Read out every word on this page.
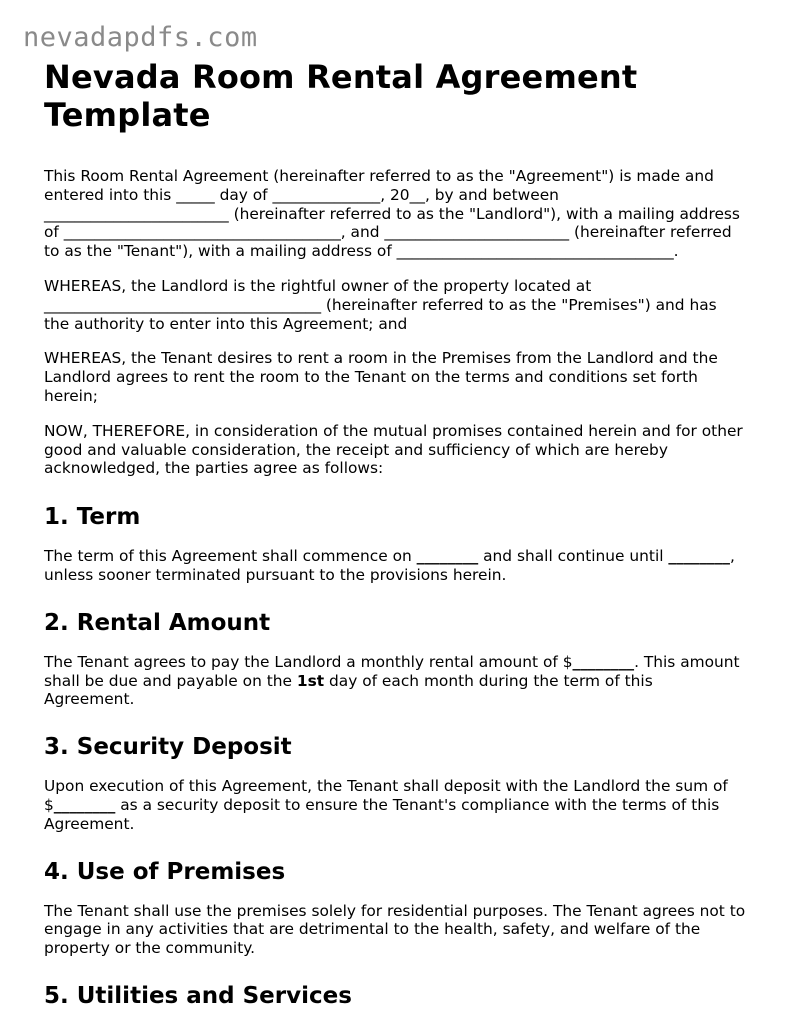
nevadapdfs.com
Nevada Room Rental Agreement Template

This Room Rental Agreement (hereinafter referred to as the "Agreement") is made and
entered into this _____ day of ______________, 20__, by and between
________________________ (hereinafter referred to as the "Landlord"), with a mailing address
of ____________________________________, and ________________________ (hereinafter referred
to as the "Tenant"), with a mailing address of ____________________________________.

WHEREAS, the Landlord is the rightful owner of the property located at
____________________________________ (hereinafter referred to as the "Premises") and has
the authority to enter into this Agreement; and

WHEREAS, the Tenant desires to rent a room in the Premises from the Landlord and the
Landlord agrees to rent the room to the Tenant on the terms and conditions set forth
herein;

NOW, THEREFORE, in consideration of the mutual promises contained herein and for other
good and valuable consideration, the receipt and sufficiency of which are hereby
acknowledged, the parties agree as follows:

1. Term

The term of this Agreement shall commence on ________ and shall continue until ________,
unless sooner terminated pursuant to the provisions herein.

2. Rental Amount

The Tenant agrees to pay the Landlord a monthly rental amount of $________. This amount
shall be due and payable on the 1st day of each month during the term of this
Agreement.

3. Security Deposit

Upon execution of this Agreement, the Tenant shall deposit with the Landlord the sum of
$________ as a security deposit to ensure the Tenant's compliance with the terms of this
Agreement.

4. Use of Premises

The Tenant shall use the premises solely for residential purposes. The Tenant agrees not to
engage in any activities that are detrimental to the health, safety, and welfare of the
property or the community.

5. Utilities and Services
